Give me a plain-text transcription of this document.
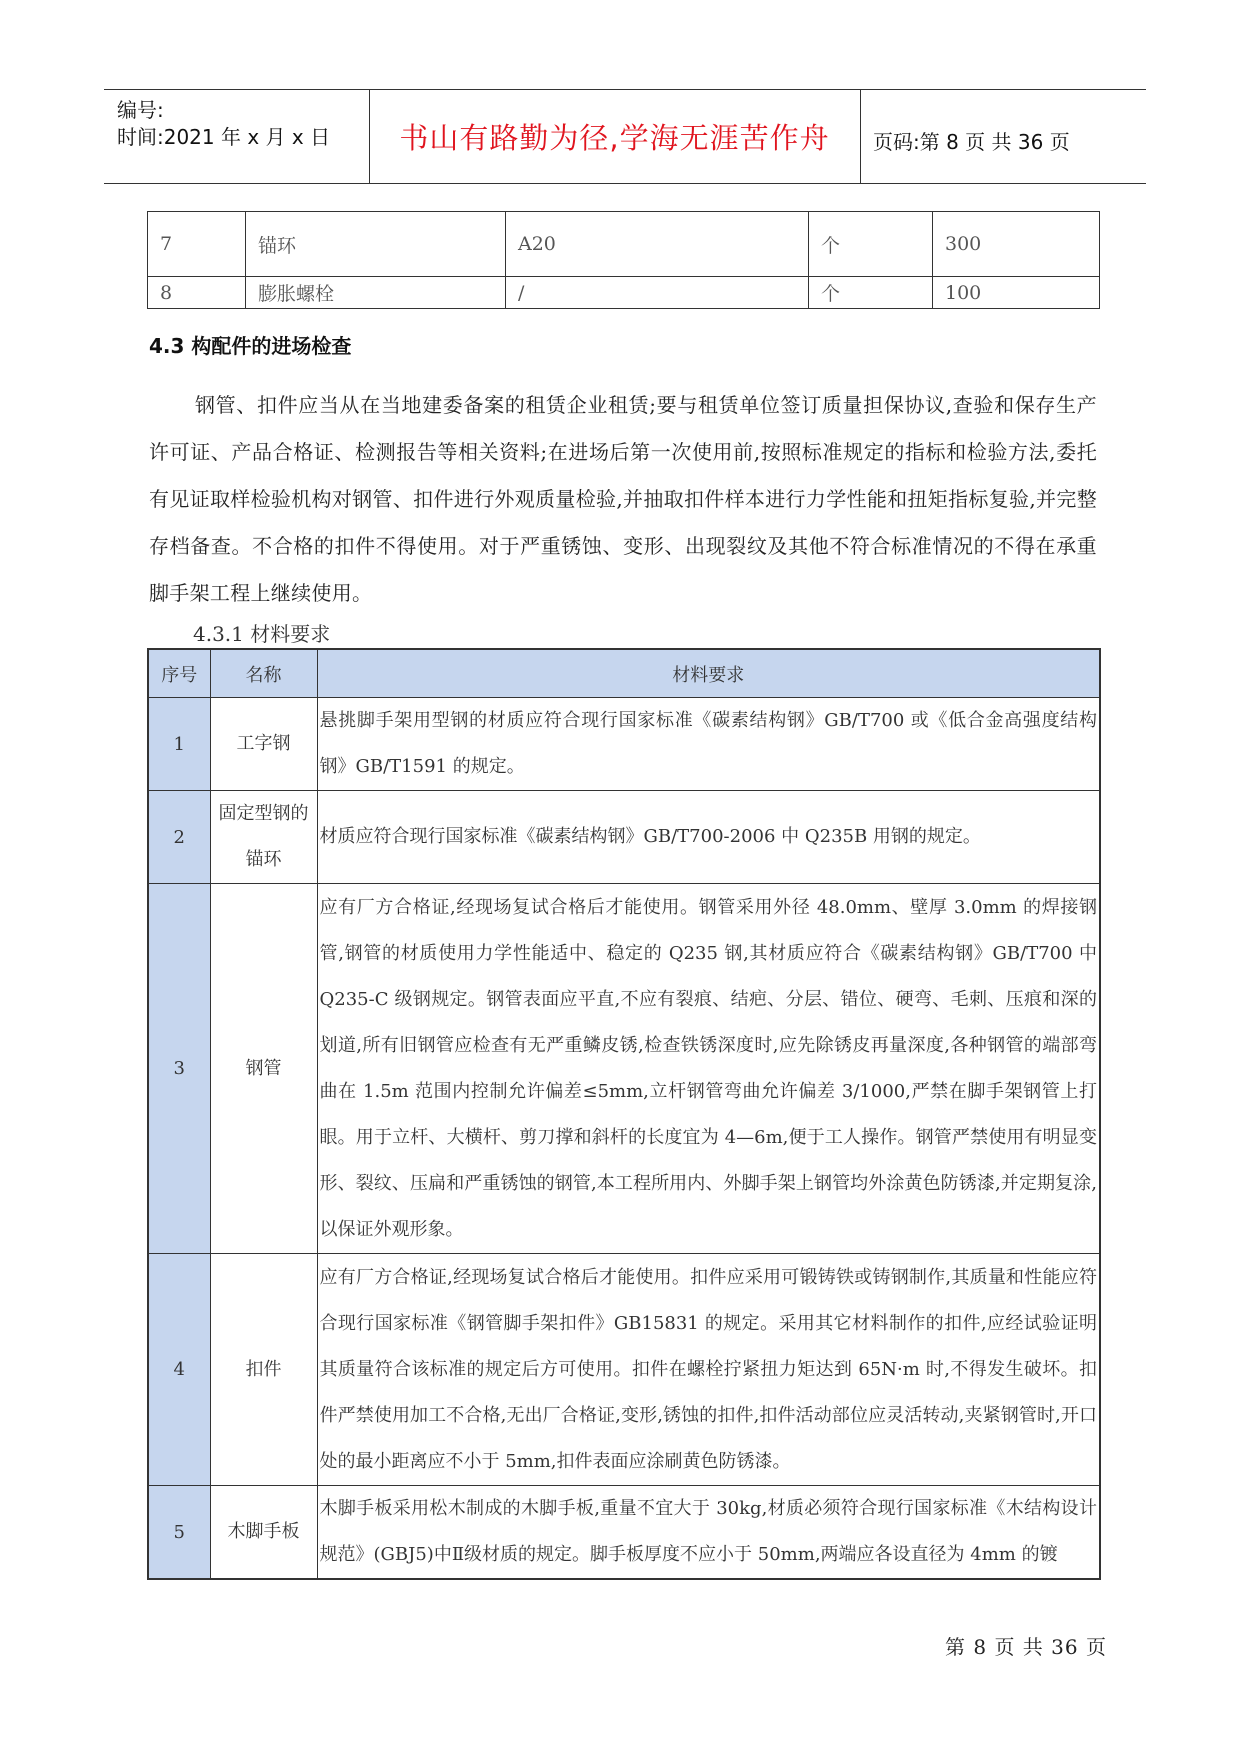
编号:
时间:2021 年 x 月 x 日	书山有路勤为径,学海无涯苦作舟	页码:第 8 页 共 36 页
7	锚环	A20	个	300
8	膨胀螺栓	/	个	100
4.3 构配件的进场检查
钢管、扣件应当从在当地建委备案的租赁企业租赁;要与租赁单位签订质量担保协议,查验和保存生产许可证、产品合格证、检测报告等相关资料;在进场后第一次使用前,按照标准规定的指标和检验方法,委托有见证取样检验机构对钢管、扣件进行外观质量检验,并抽取扣件样本进行力学性能和扭矩指标复验,并完整存档备查。不合格的扣件不得使用。对于严重锈蚀、变形、出现裂纹及其他不符合标准情况的不得在承重脚手架工程上继续使用。
4.3.1 材料要求
序号	名称	材料要求
1	工字钢	悬挑脚手架用型钢的材质应符合现行国家标准《碳素结构钢》GB/T700 或《低合金高强度结构钢》GB/T1591 的规定。
2	固定型钢的锚环	材质应符合现行国家标准《碳素结构钢》GB/T700-2006 中 Q235B 用钢的规定。
3	钢管	应有厂方合格证,经现场复试合格后才能使用。钢管采用外径 48.0mm、壁厚 3.0mm 的焊接钢管,钢管的材质使用力学性能适中、稳定的 Q235 钢,其材质应符合《碳素结构钢》GB/T700 中 Q235-C 级钢规定。钢管表面应平直,不应有裂痕、结疤、分层、错位、硬弯、毛刺、压痕和深的划道,所有旧钢管应检查有无严重鳞皮锈,检查铁锈深度时,应先除锈皮再量深度,各种钢管的端部弯曲在 1.5m 范围内控制允许偏差≤5mm,立杆钢管弯曲允许偏差 3/1000,严禁在脚手架钢管上打眼。用于立杆、大横杆、剪刀撑和斜杆的长度宜为 4—6m,便于工人操作。钢管严禁使用有明显变形、裂纹、压扁和严重锈蚀的钢管,本工程所用内、外脚手架上钢管均外涂黄色防锈漆,并定期复涂,以保证外观形象。
4	扣件	应有厂方合格证,经现场复试合格后才能使用。扣件应采用可锻铸铁或铸钢制作,其质量和性能应符合现行国家标准《钢管脚手架扣件》GB15831 的规定。采用其它材料制作的扣件,应经试验证明其质量符合该标准的规定后方可使用。扣件在螺栓拧紧扭力矩达到 65N·m 时,不得发生破坏。扣件严禁使用加工不合格,无出厂合格证,变形,锈蚀的扣件,扣件活动部位应灵活转动,夹紧钢管时,开口处的最小距离应不小于 5mm,扣件表面应涂刷黄色防锈漆。
5	木脚手板	木脚手板采用松木制成的木脚手板,重量不宜大于 30kg,材质必须符合现行国家标准《木结构设计规范》(GBJ5)中Ⅱ级材质的规定。脚手板厚度不应小于 50mm,两端应各设直径为 4mm 的镀
第 8 页 共 36 页
